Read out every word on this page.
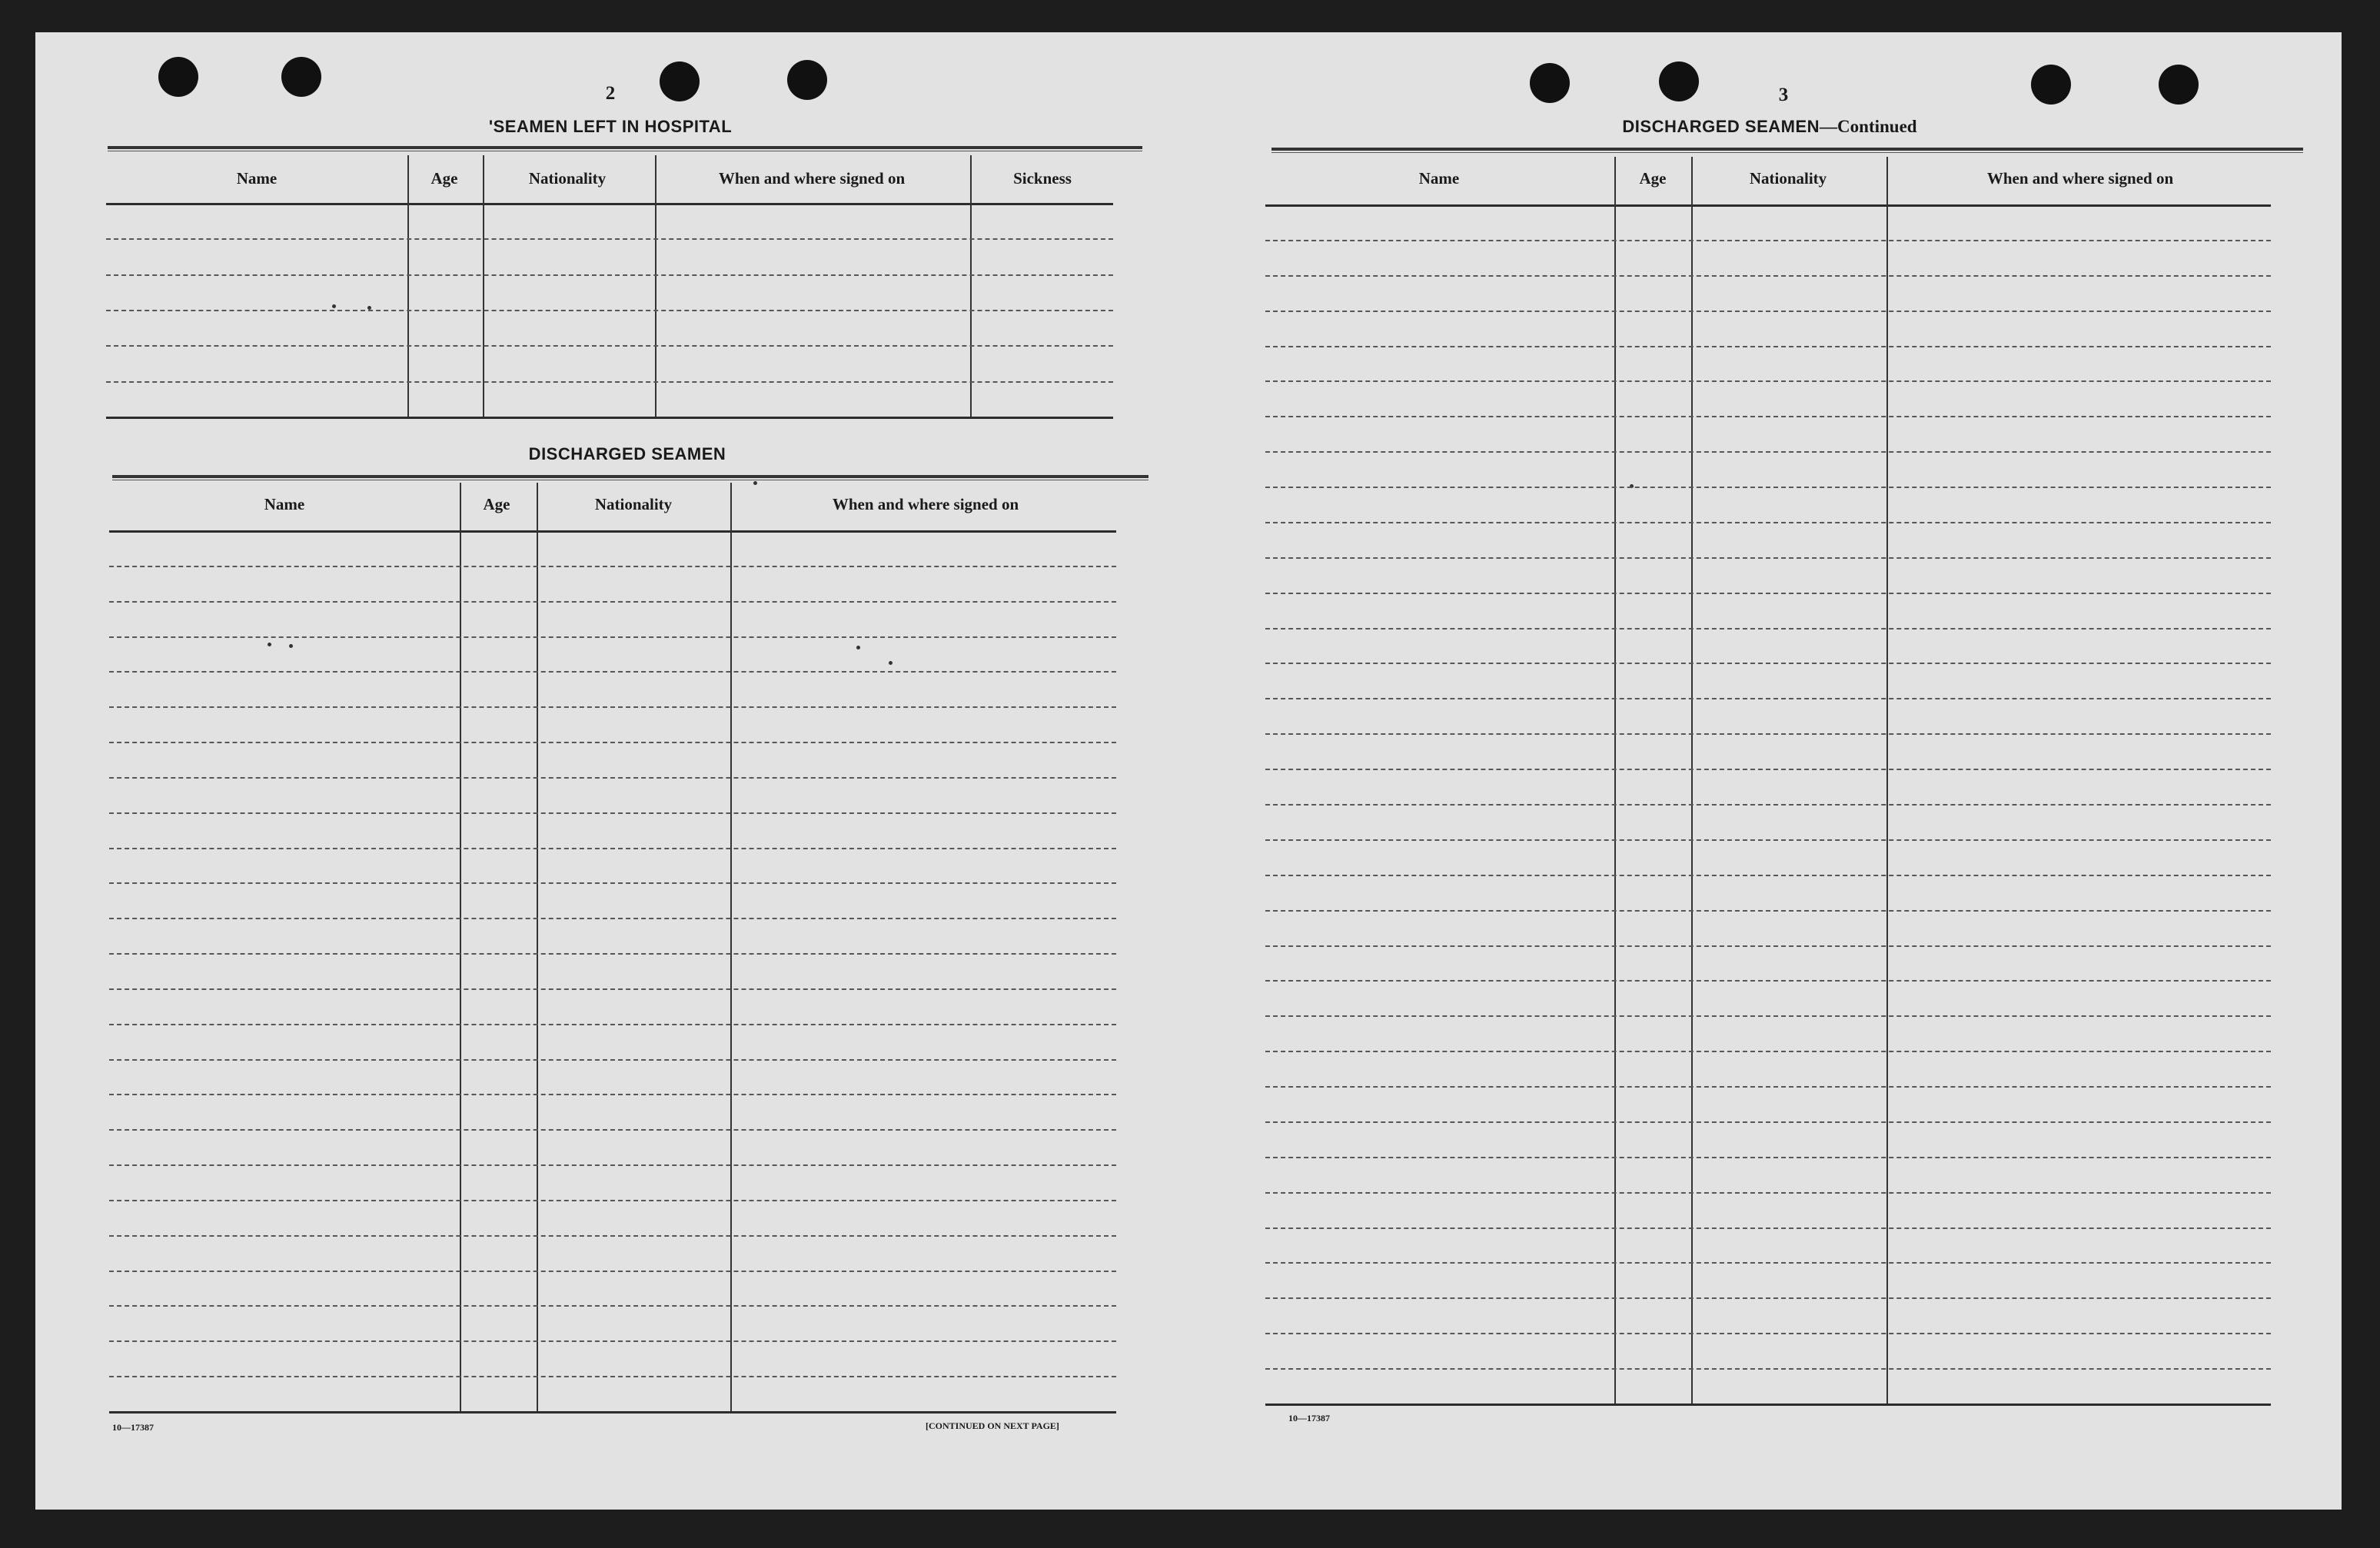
2
'SEAMEN LEFT IN HOSPITAL
DISCHARGED SEAMEN
10—17387	[CONTINUED ON NEXT PAGE]
3
DISCHARGED SEAMEN—Continued
10—17387
Name	Age	Nationality	When and where signed on	Sickness
Name	Age	Nationality	When and where signed on
Name	Age	Nationality	When and where signed on
